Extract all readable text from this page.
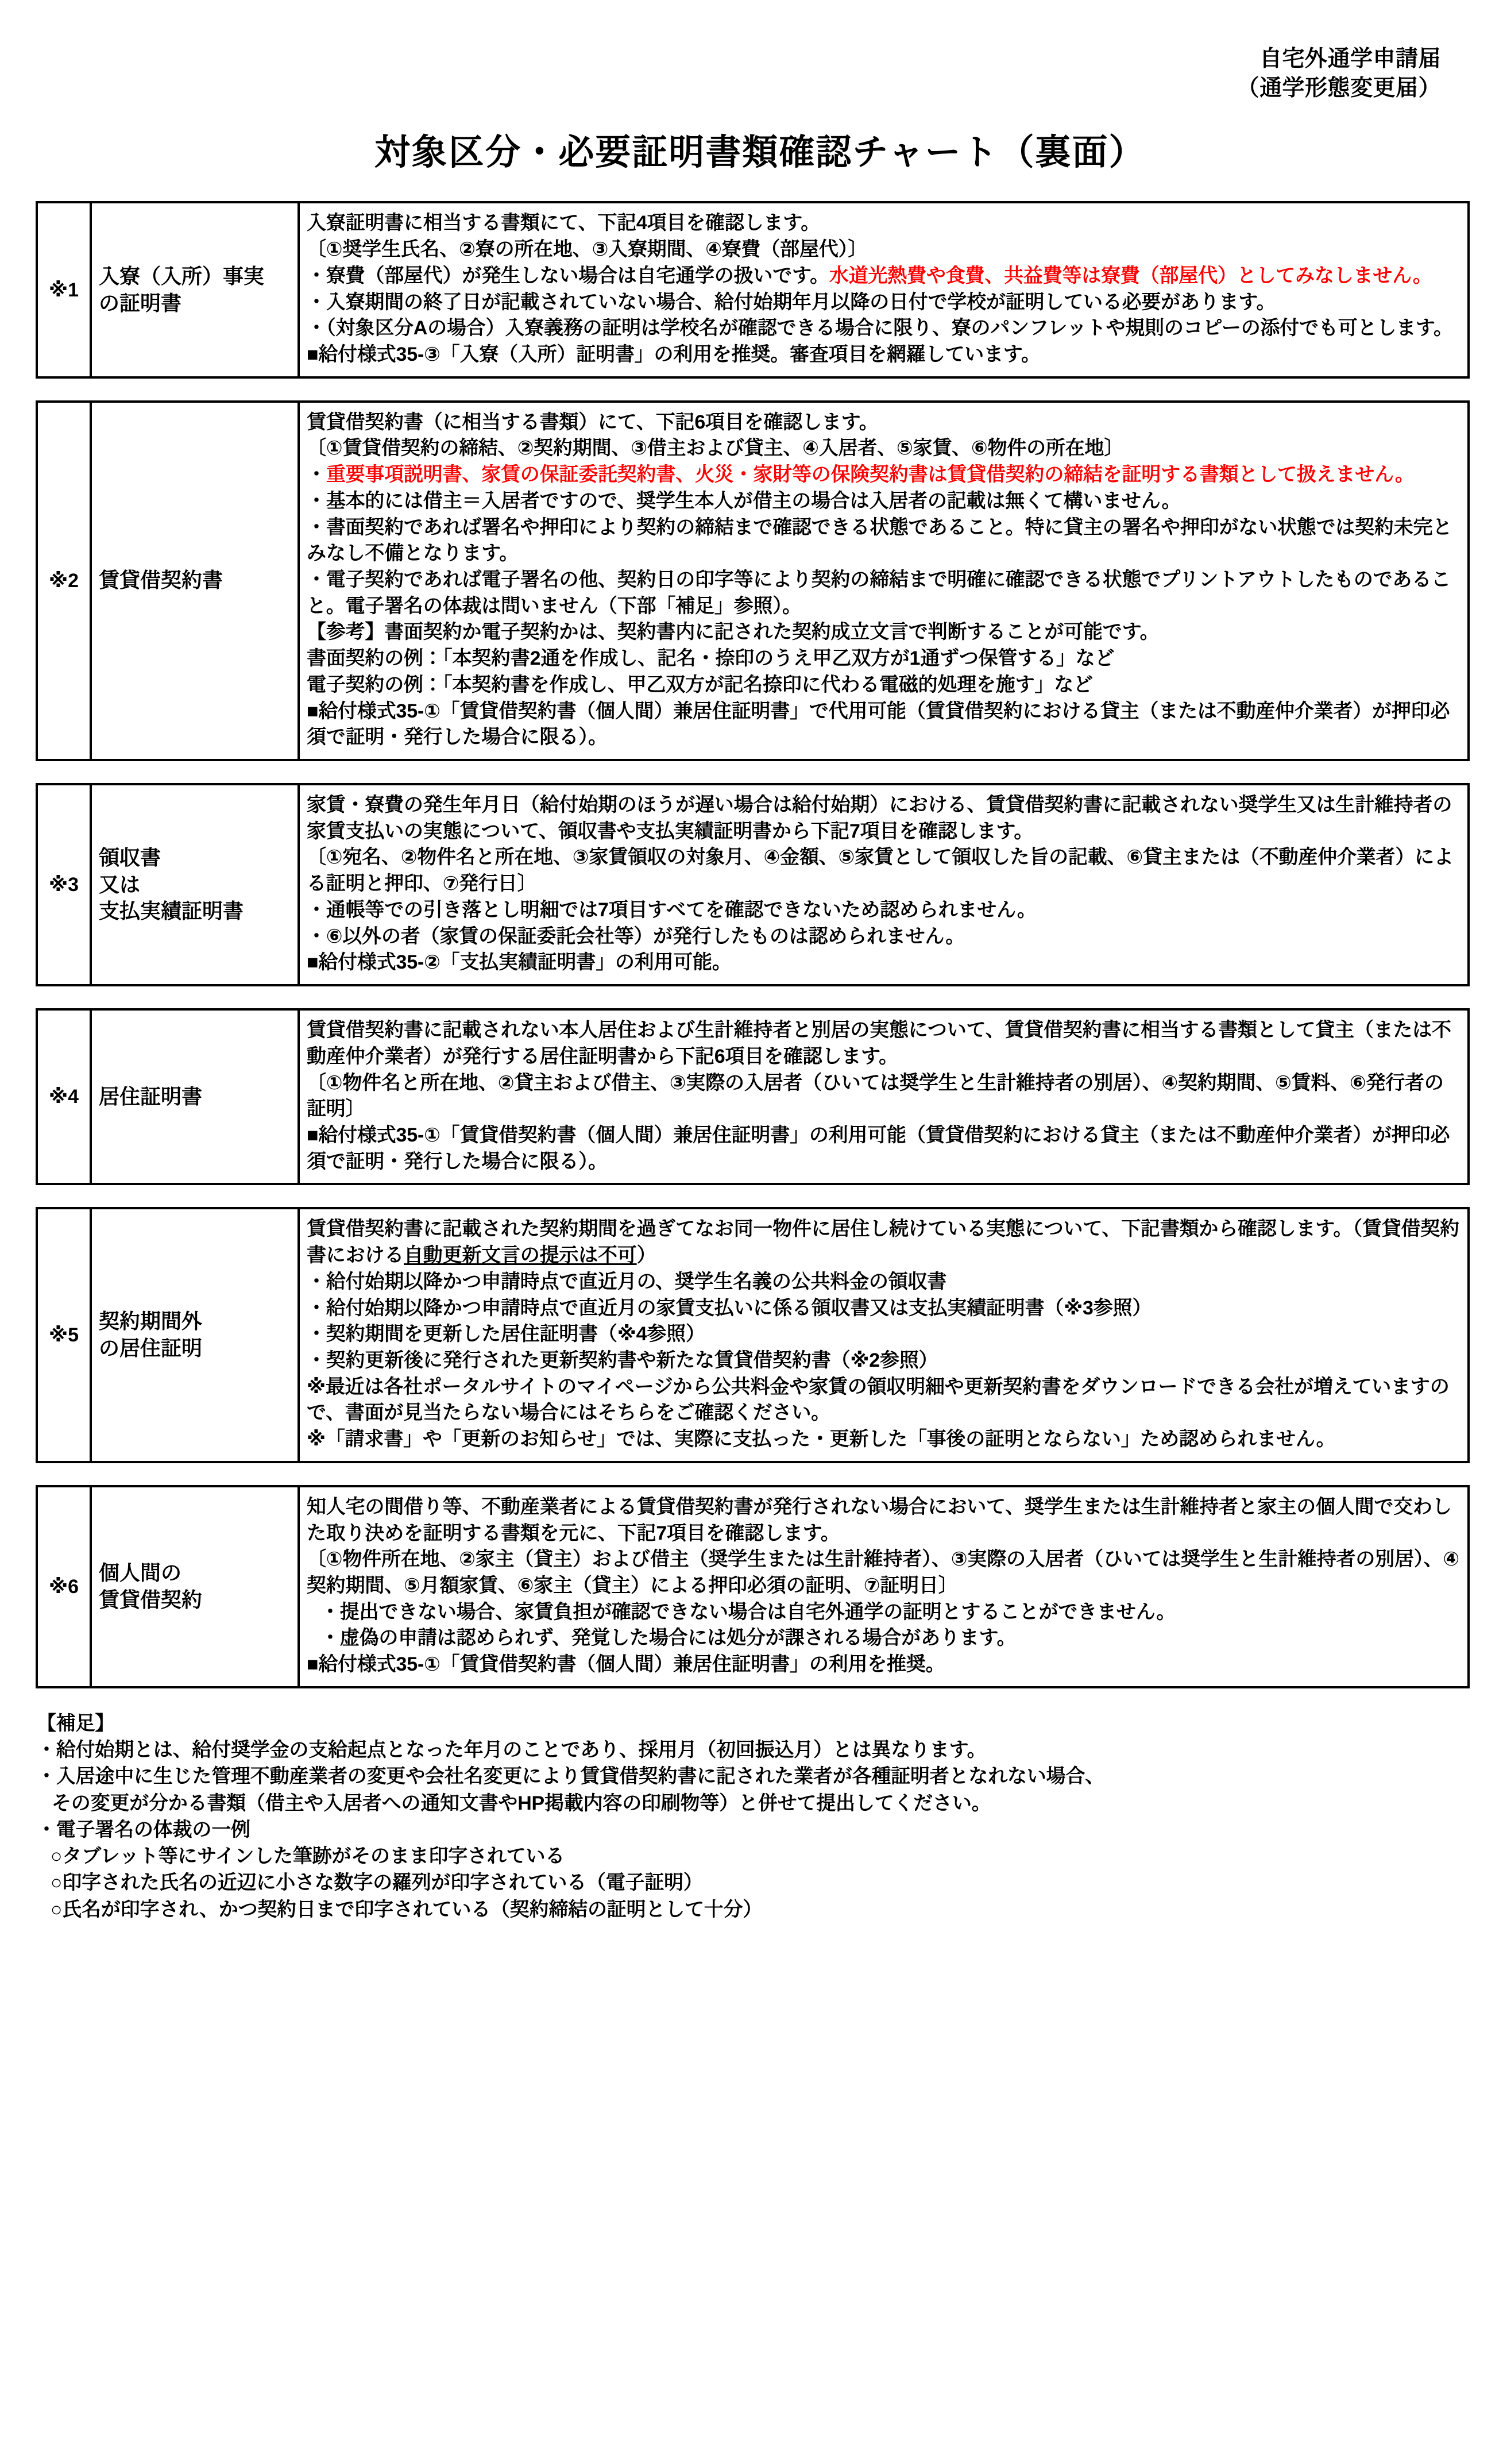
自宅外通学申請届
（通学形態変更届）
対象区分・必要証明書類確認チャート（裏面）
※1
入寮（入所）事実
の証明書

入寮証明書に相当する書類にて、下記4項目を確認します。

〔①奨学生氏名、②寮の所在地、③入寮期間、④寮費（部屋代）〕

・寮費（部屋代）が発生しない場合は自宅通学の扱いです。水道光熱費や食費、共益費等は寮費（部屋代）としてみなしません。

・入寮期間の終了日が記載されていない場合、給付始期年月以降の日付で学校が証明している必要があります。

・（対象区分Aの場合）入寮義務の証明は学校名が確認できる場合に限り、寮のパンフレットや規則のコピーの添付でも可とします。

■給付様式35-③「入寮（入所）証明書」の利用を推奨。審査項目を網羅しています。

※2 賃貸借契約書

賃貸借契約書（に相当する書類）にて、下記6項目を確認します。

〔①賃貸借契約の締結、②契約期間、③借主および貸主、④入居者、⑤家賃、⑥物件の所在地〕

・重要事項説明書、家賃の保証委託契約書、火災・家財等の保険契約書は賃貸借契約の締結を証明する書類として扱えません。

・基本的には借主＝入居者ですので、奨学生本人が借主の場合は入居者の記載は無くて構いません。

・書面契約であれば署名や押印により契約の締結まで確認できる状態であること。特に貸主の署名や押印がない状態では契約未完とみなし不備となります。

・電子契約であれば電子署名の他、契約日の印字等により契約の締結まで明確に確認できる状態でプリントアウトしたものであること。電子署名の体裁は問いません（下部「補足」参照）。

【参考】書面契約か電子契約かは、契約書内に記された契約成立文言で判断することが可能です。

書面契約の例：「本契約書2通を作成し、記名・捺印のうえ甲乙双方が1通ずつ保管する」など

電子契約の例：「本契約書を作成し、甲乙双方が記名捺印に代わる電磁的処理を施す」など

■給付様式35-①「賃貸借契約書（個人間）兼居住証明書」で代用可能（賃貸借契約における貸主（または不動産仲介業者）が押印必須で証明・発行した場合に限る）。

※3
領収書
又は
支払実績証明書

家賃・寮費の発生年月日（給付始期のほうが遅い場合は給付始期）における、賃貸借契約書に記載されない奨学生又は生計維持者の家賃支払いの実態について、領収書や支払実績証明書から下記7項目を確認します。

〔①宛名、②物件名と所在地、③家賃領収の対象月、④金額、⑤家賃として領収した旨の記載、⑥貸主または（不動産仲介業者）による証明と押印、⑦発行日〕

・通帳等での引き落とし明細では7項目すべてを確認できないため認められません。

・⑥以外の者（家賃の保証委託会社等）が発行したものは認められません。

■給付様式35-②「支払実績証明書」の利用可能。

※4 居住証明書

賃貸借契約書に記載されない本人居住および生計維持者と別居の実態について、賃貸借契約書に相当する書類として貸主（または不動産仲介業者）が発行する居住証明書から下記6項目を確認します。

〔①物件名と所在地、②貸主および借主、③実際の入居者（ひいては奨学生と生計維持者の別居）、④契約期間、⑤賃料、⑥発行者の証明〕

■給付様式35-①「賃貸借契約書（個人間）兼居住証明書」の利用可能（賃貸借契約における貸主（または不動産仲介業者）が押印必須で証明・発行した場合に限る）。

※5
契約期間外
の居住証明

賃貸借契約書に記載された契約期間を過ぎてなお同一物件に居住し続けている実態について、下記書類から確認します。（賃貸借契約書における自動更新文言の提示は不可）

・給付始期以降かつ申請時点で直近月の、奨学生名義の公共料金の領収書

・給付始期以降かつ申請時点で直近月の家賃支払いに係る領収書又は支払実績証明書（※3参照）

・契約期間を更新した居住証明書（※4参照）

・契約更新後に発行された更新契約書や新たな賃貸借契約書（※2参照）

※最近は各社ポータルサイトのマイページから公共料金や家賃の領収明細や更新契約書をダウンロードできる会社が増えていますので、書面が見当たらない場合にはそちらをご確認ください。

※「請求書」や「更新のお知らせ」では、実際に支払った・更新した「事後の証明とならない」ため認められません。

※6
個人間の
賃貸借契約

知人宅の間借り等、不動産業者による賃貸借契約書が発行されない場合において、奨学生または生計維持者と家主の個人間で交わした取り決めを証明する書類を元に、下記7項目を確認します。

〔①物件所在地、②家主（貸主）および借主（奨学生または生計維持者）、③実際の入居者（ひいては奨学生と生計維持者の別居）、④契約期間、⑤月額家賃、⑥家主（貸主）による押印必須の証明、⑦証明日〕

・提出できない場合、家賃負担が確認できない場合は自宅外通学の証明とすることができません。

・虚偽の申請は認められず、発覚した場合には処分が課される場合があります。

■給付様式35-①「賃貸借契約書（個人間）兼居住証明書」の利用を推奨。

【補足】

・給付始期とは、給付奨学金の支給起点となった年月のことであり、採用月（初回振込月）とは異なります。

・入居途中に生じた管理不動産業者の変更や会社名変更により賃貸借契約書に記された業者が各種証明者となれない場合、

その変更が分かる書類（借主や入居者への通知文書やHP掲載内容の印刷物等）と併せて提出してください。

・電子署名の体裁の一例

○タブレット等にサインした筆跡がそのまま印字されている

○印字された氏名の近辺に小さな数字の羅列が印字されている（電子証明）

○氏名が印字され、かつ契約日まで印字されている（契約締結の証明として十分）
